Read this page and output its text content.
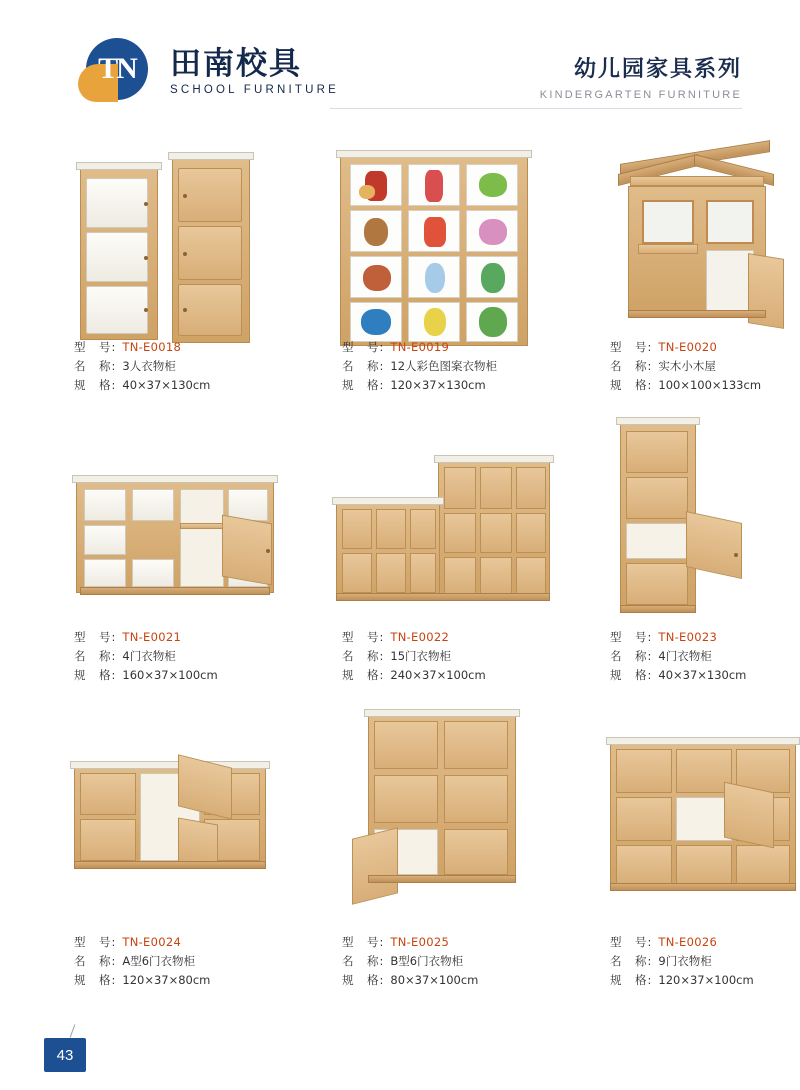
TN 田南校具
SCHOOL FURNITURE
幼儿园家具系列
KINDERGARTEN FURNITURE
型　号: TN-E0018
名　称: 3人衣物柜
规　格: 40×37×130cm
型　号: TN-E0019
名　称: 12人彩色图案衣物柜
规　格: 120×37×130cm
型　号: TN-E0020
名　称: 实木小木屋
规　格: 100×100×133cm
型　号: TN-E0021
名　称: 4门衣物柜
规　格: 160×37×100cm
型　号: TN-E0022
名　称: 15门衣物柜
规　格: 240×37×100cm
型　号: TN-E0023
名　称: 4门衣物柜
规　格: 40×37×130cm
型　号: TN-E0024
名　称: A型6门衣物柜
规　格: 120×37×80cm
型　号: TN-E0025
名　称: B型6门衣物柜
规　格: 80×37×100cm
型　号: TN-E0026
名　称: 9门衣物柜
规　格: 120×37×100cm
43
